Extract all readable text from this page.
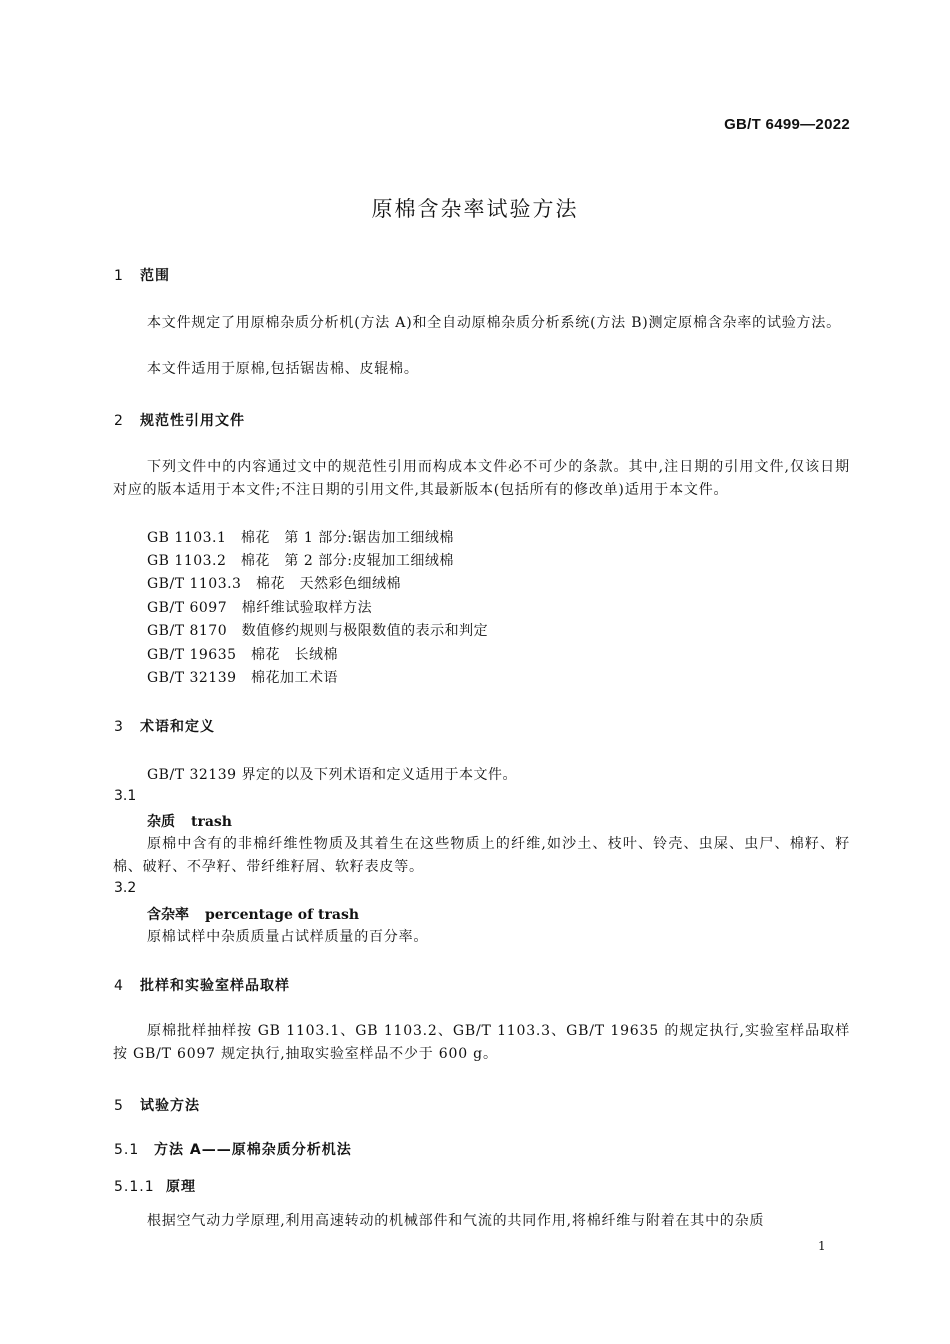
GB/T 6499—2022
原棉含杂率试验方法
1 范围
本文件规定了用原棉杂质分析机(方法 A)和全自动原棉杂质分析系统(方法 B)测定原棉含杂率的试验方法。
本文件适用于原棉,包括锯齿棉、皮辊棉。
2 规范性引用文件
下列文件中的内容通过文中的规范性引用而构成本文件必不可少的条款。其中,注日期的引用文件,仅该日期对应的版本适用于本文件;不注日期的引用文件,其最新版本(包括所有的修改单)适用于本文件。
GB 1103.1　棉花　第 1 部分:锯齿加工细绒棉
GB 1103.2　棉花　第 2 部分:皮辊加工细绒棉
GB/T 1103.3　棉花　天然彩色细绒棉
GB/T 6097　棉纤维试验取样方法
GB/T 8170　数值修约规则与极限数值的表示和判定
GB/T 19635　棉花　长绒棉
GB/T 32139　棉花加工术语
3 术语和定义
GB/T 32139 界定的以及下列术语和定义适用于本文件。
3.1
杂质 trash
原棉中含有的非棉纤维性物质及其着生在这些物质上的纤维,如沙土、枝叶、铃壳、虫屎、虫尸、棉籽、籽棉、破籽、不孕籽、带纤维籽屑、软籽表皮等。
3.2
含杂率 percentage of trash
原棉试样中杂质质量占试样质量的百分率。
4 批样和实验室样品取样
原棉批样抽样按 GB 1103.1、GB 1103.2、GB/T 1103.3、GB/T 19635 的规定执行,实验室样品取样按 GB/T 6097 规定执行,抽取实验室样品不少于 600 g。
5 试验方法
5.1 方法 A——原棉杂质分析机法
5.1.1 原理
根据空气动力学原理,利用高速转动的机械部件和气流的共同作用,将棉纤维与附着在其中的杂质
1
